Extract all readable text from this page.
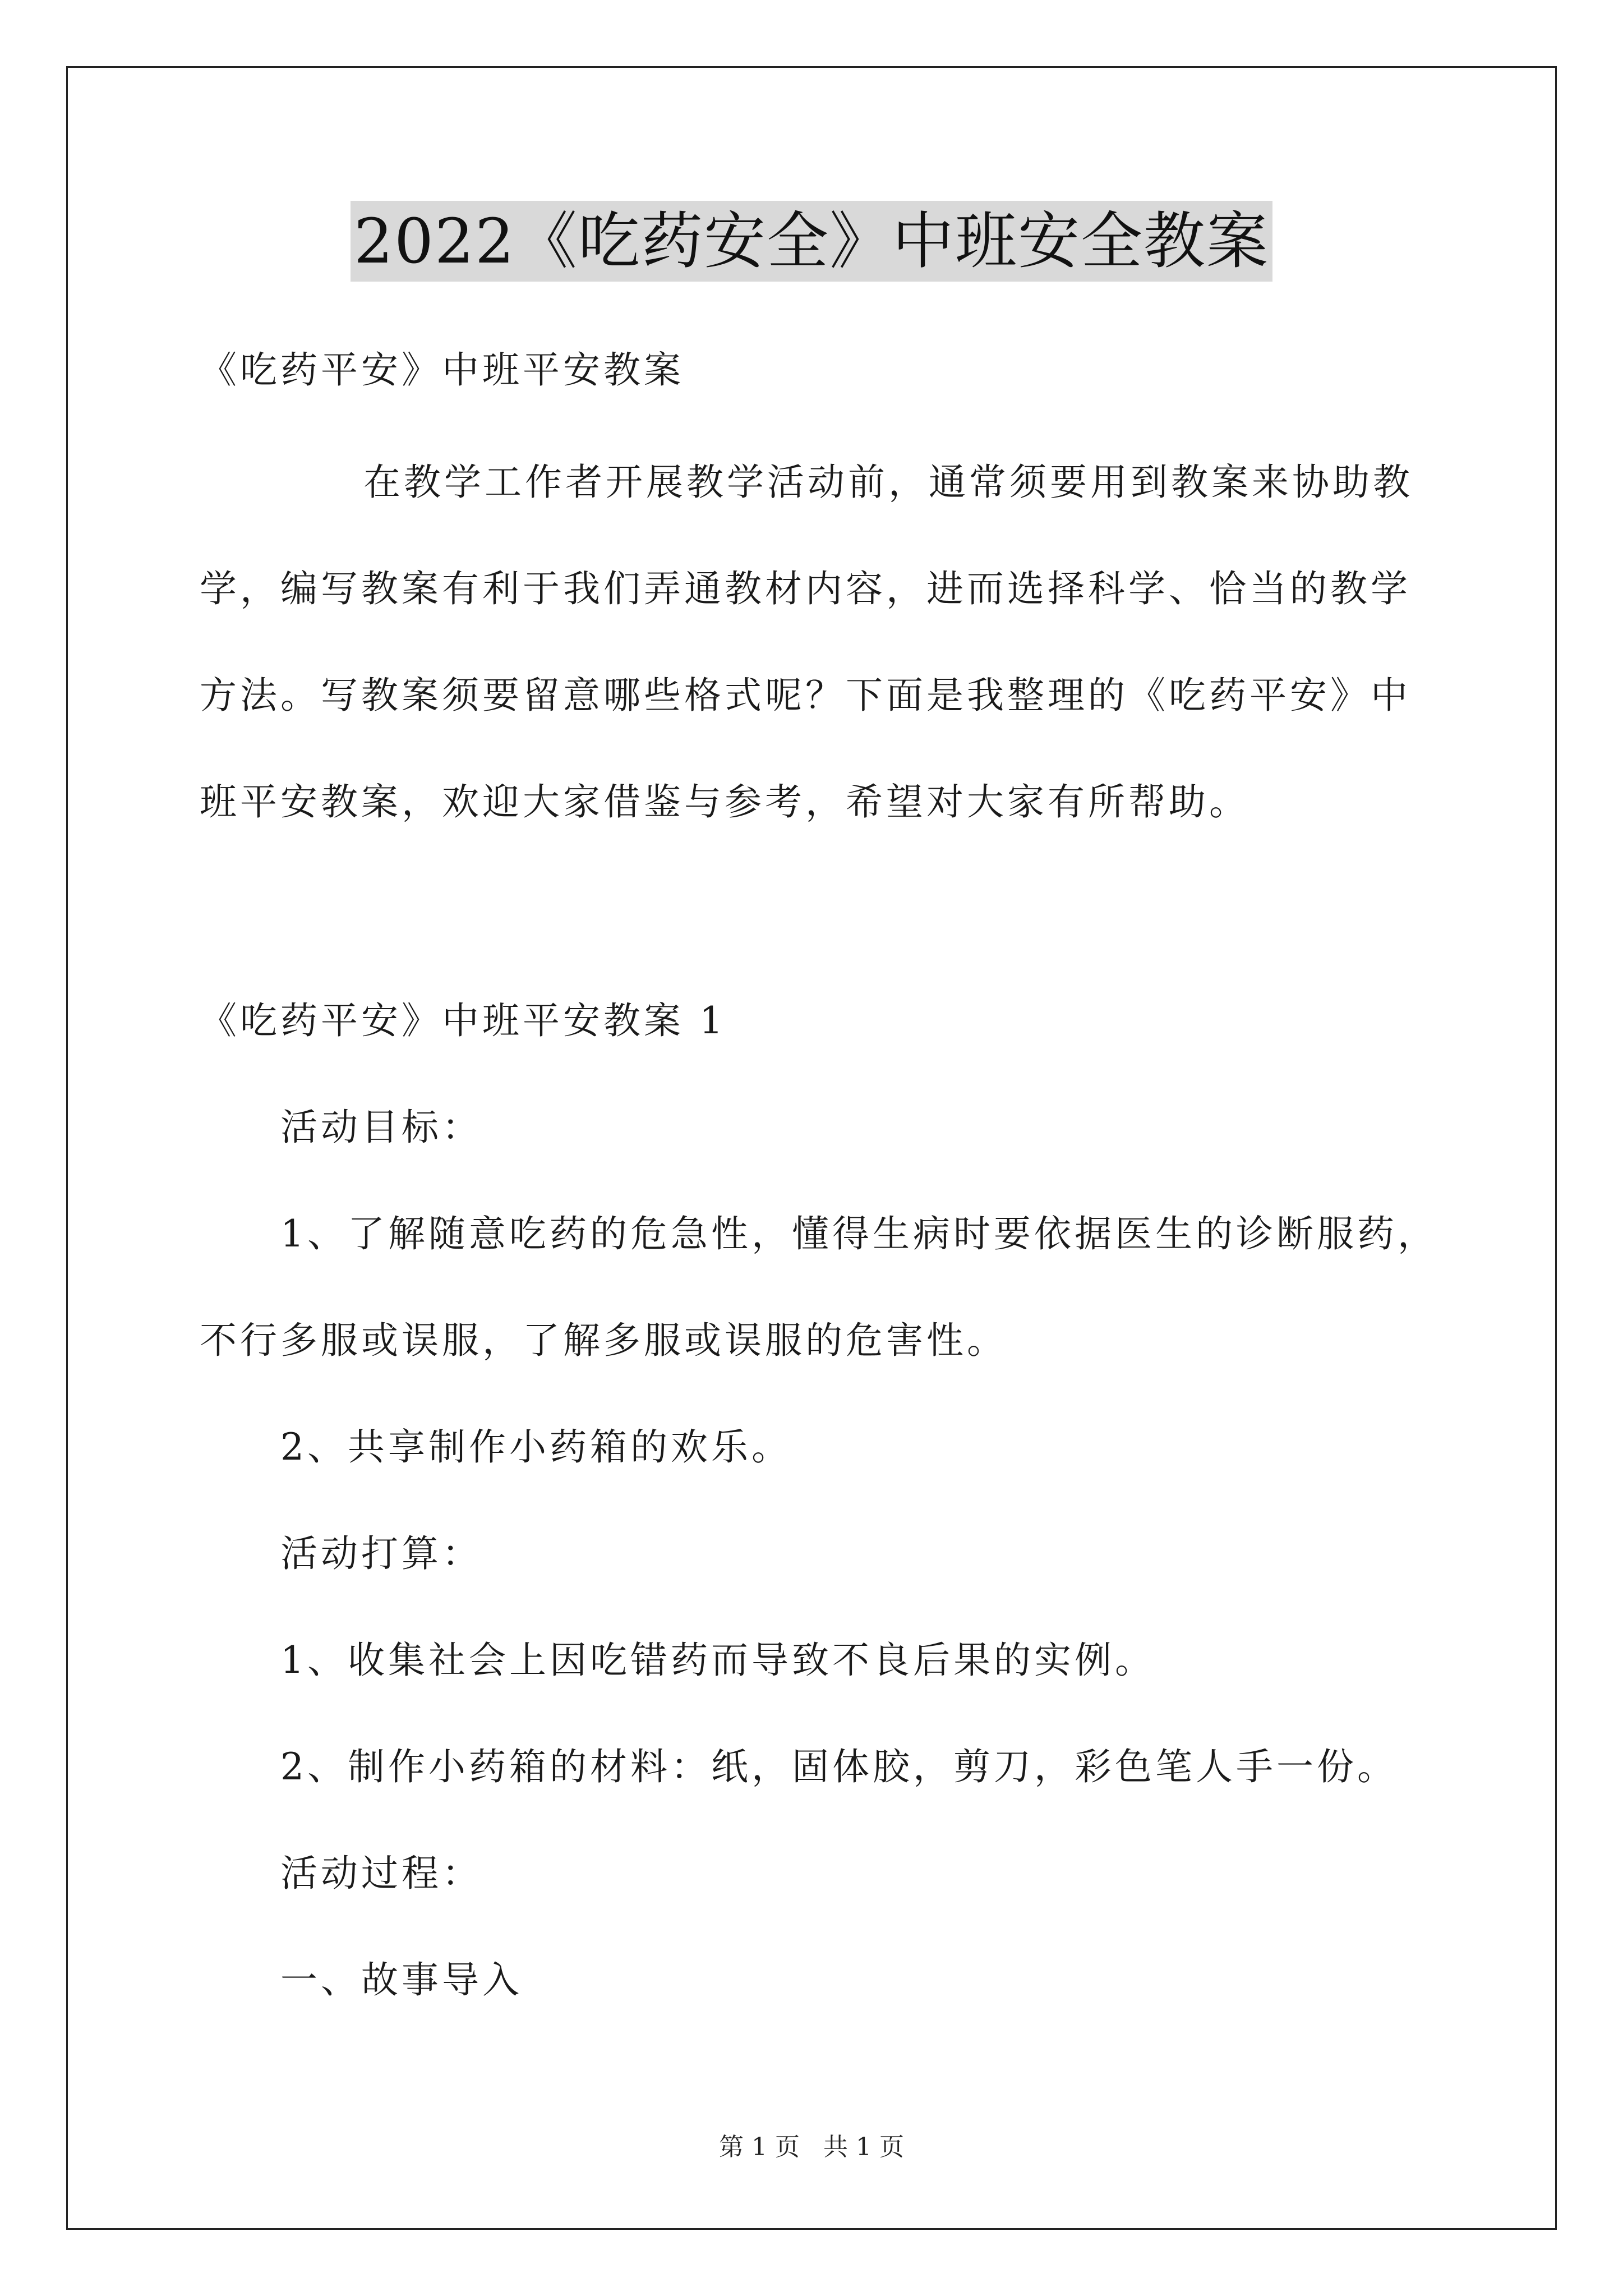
2022《吃药安全》中班安全教案
《吃药平安》中班平安教案
在教学工作者开展教学活动前，通常须要用到教案来协助教
学，编写教案有利于我们弄通教材内容，进而选择科学、恰当的教学
方法。写教案须要留意哪些格式呢？下面是我整理的《吃药平安》中
班平安教案，欢迎大家借鉴与参考，希望对大家有所帮助。
《吃药平安》中班平安教案 1
活动目标：
1、了解随意吃药的危急性，懂得生病时要依据医生的诊断服药，
不行多服或误服，了解多服或误服的危害性。
2、共享制作小药箱的欢乐。
活动打算：
1、收集社会上因吃错药而导致不良后果的实例。
2、制作小药箱的材料：纸，固体胶，剪刀，彩色笔人手一份。
活动过程：
一、故事导入
第 1 页   共 1 页
